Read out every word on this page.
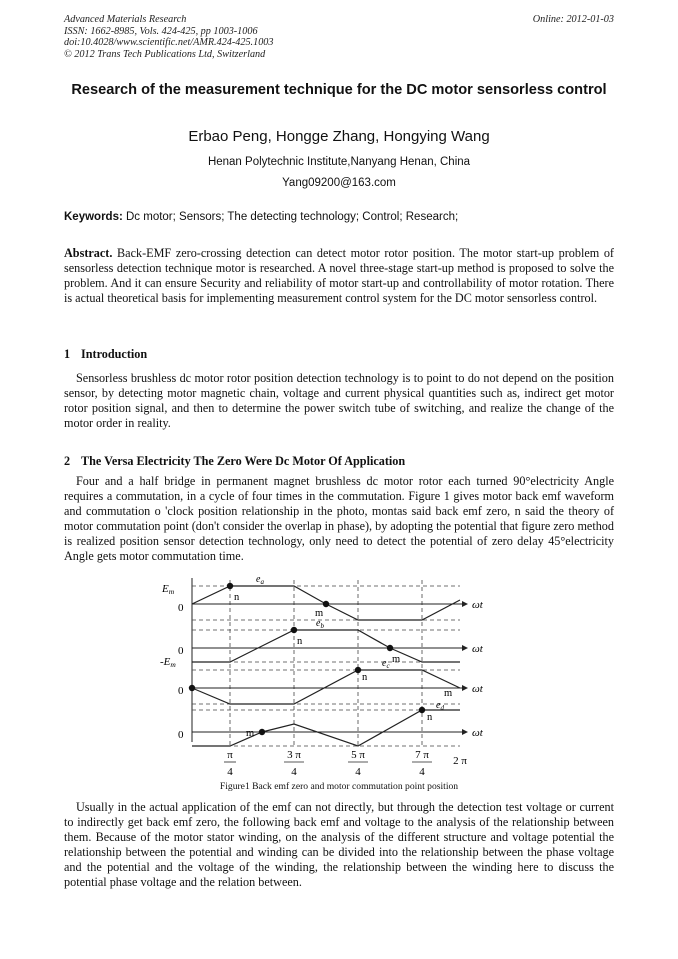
Advanced Materials Research
ISSN: 1662-8985, Vols. 424-425, pp 1003-1006
doi:10.4028/www.scientific.net/AMR.424-425.1003
© 2012 Trans Tech Publications Ltd, Switzerland
Online: 2012-01-03
Research of the measurement technique for the DC motor sensorless control
Erbao Peng, Hongge Zhang, Hongying Wang
Henan Polytechnic Institute,Nanyang Henan, China
Yang09200@163.com
Keywords: Dc motor; Sensors; The detecting technology; Control; Research;
Abstract. Back-EMF zero-crossing detection can detect motor rotor position. The motor start-up problem of sensorless detection technique motor is researched. A novel three-stage start-up method is proposed to solve the problem. And it can ensure Security and reliability of motor start-up and controllability of motor rotation. There is actual theoretical basis for implementing measurement control system for the DC motor sensorless control.
1 Introduction
Sensorless brushless dc motor rotor position detection technology is to point to do not depend on the position sensor, by detecting motor magnetic chain, voltage and current physical quantities such as, indirect get motor rotor position signal, and then to determine the power switch tube of switching, and realize the change of the motor order in reality.
2 The Versa Electricity The Zero Were Dc Motor Of Application
Four and a half bridge in permanent magnet brushless dc motor rotor each turned 90°electricity Angle requires a commutation, in a cycle of four times in the commutation. Figure 1 gives motor back emf waveform and commutation o 'clock position relationship in the photo, montas said back emf zero, n said the theory of motor commutation point (don't consider the overlap in phase), by adopting the potential that figure zero method is realized position sensor detection technology, only need to detect the potential of zero delay 45°electricity Angle gets motor commutation time.
Em
0
-Em
0
0
0
ωt
ωt
ωt
ωt
$e_a$
$e_b$
$e_c$
$e_d$
n
m
n
m
n
m
n
m
π
4
3 π
4
5 π
4
7 π
4
2 π
Figure1 Back emf zero and motor commutation point position
Usually in the actual application of the emf can not directly, but through the detection test voltage or current to indirectly get back emf zero, the following back emf and voltage to the analysis of the relationship between them. Because of the motor stator winding, on the analysis of the different structure and voltage potential the relationship between the potential and winding can be divided into the relationship between the phase voltage and the potential and the voltage of the winding, the relationship between the winding here to discuss the potential phase voltage and the relation between.
